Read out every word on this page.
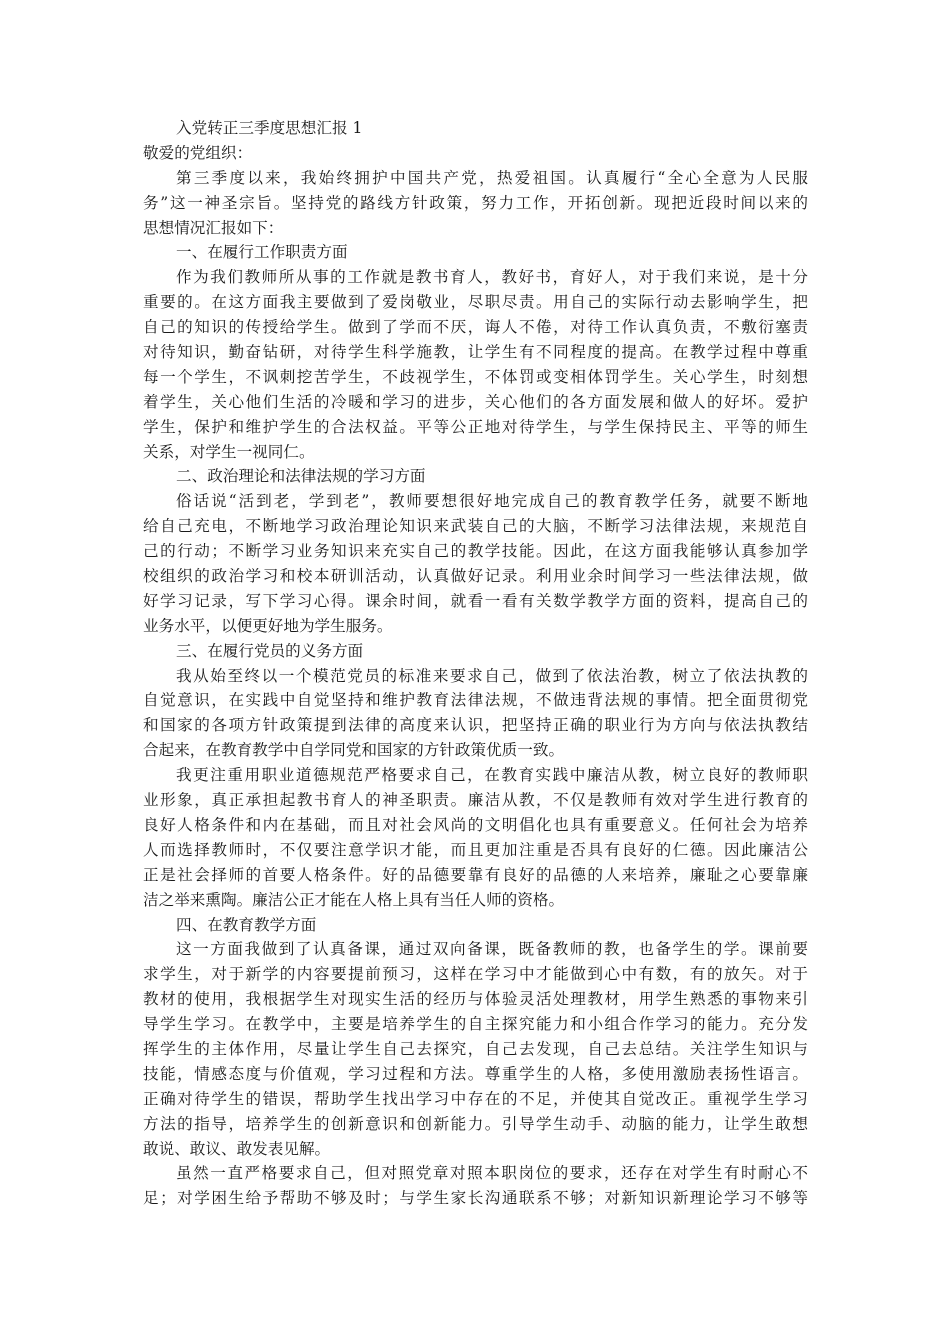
入党转正三季度思想汇报 1
敬爱的党组织：
第三季度以来，我始终拥护中国共产党，热爱祖国。认真履行“全心全意为人民服
务”这一神圣宗旨。坚持党的路线方针政策，努力工作，开拓创新。现把近段时间以来的
思想情况汇报如下：
一、在履行工作职责方面
作为我们教师所从事的工作就是教书育人，教好书，育好人，对于我们来说，是十分
重要的。在这方面我主要做到了爱岗敬业，尽职尽责。用自己的实际行动去影响学生，把
自己的知识的传授给学生。做到了学而不厌，诲人不倦，对待工作认真负责，不敷衍塞责
对待知识，勤奋钻研，对待学生科学施教，让学生有不同程度的提高。在教学过程中尊重
每一个学生，不讽刺挖苦学生，不歧视学生，不体罚或变相体罚学生。关心学生，时刻想
着学生，关心他们生活的冷暖和学习的进步，关心他们的各方面发展和做人的好坏。爱护
学生，保护和维护学生的合法权益。平等公正地对待学生，与学生保持民主、平等的师生
关系，对学生一视同仁。
二、政治理论和法律法规的学习方面
俗话说“活到老，学到老”，教师要想很好地完成自己的教育教学任务，就要不断地
给自己充电，不断地学习政治理论知识来武装自己的大脑，不断学习法律法规，来规范自
己的行动；不断学习业务知识来充实自己的教学技能。因此，在这方面我能够认真参加学
校组织的政治学习和校本研训活动，认真做好记录。利用业余时间学习一些法律法规，做
好学习记录，写下学习心得。课余时间，就看一看有关数学教学方面的资料，提高自己的
业务水平，以便更好地为学生服务。
三、在履行党员的义务方面
我从始至终以一个模范党员的标准来要求自己，做到了依法治教，树立了依法执教的
自觉意识，在实践中自觉坚持和维护教育法律法规，不做违背法规的事情。把全面贯彻党
和国家的各项方针政策提到法律的高度来认识，把坚持正确的职业行为方向与依法执教结
合起来，在教育教学中自学同党和国家的方针政策优质一致。
我更注重用职业道德规范严格要求自己，在教育实践中廉洁从教，树立良好的教师职
业形象，真正承担起教书育人的神圣职责。廉洁从教，不仅是教师有效对学生进行教育的
良好人格条件和内在基础，而且对社会风尚的文明倡化也具有重要意义。任何社会为培养
人而选择教师时，不仅要注意学识才能，而且更加注重是否具有良好的仁德。因此廉洁公
正是社会择师的首要人格条件。好的品德要靠有良好的品德的人来培养，廉耻之心要靠廉
洁之举来熏陶。廉洁公正才能在人格上具有当任人师的资格。
四、在教育教学方面
这一方面我做到了认真备课，通过双向备课，既备教师的教，也备学生的学。课前要
求学生，对于新学的内容要提前预习，这样在学习中才能做到心中有数，有的放矢。对于
教材的使用，我根据学生对现实生活的经历与体验灵活处理教材，用学生熟悉的事物来引
导学生学习。在教学中，主要是培养学生的自主探究能力和小组合作学习的能力。充分发
挥学生的主体作用，尽量让学生自己去探究，自己去发现，自己去总结。关注学生知识与
技能，情感态度与价值观，学习过程和方法。尊重学生的人格，多使用激励表扬性语言。
正确对待学生的错误，帮助学生找出学习中存在的不足，并使其自觉改正。重视学生学习
方法的指导，培养学生的创新意识和创新能力。引导学生动手、动脑的能力，让学生敢想
敢说、敢议、敢发表见解。
虽然一直严格要求自己，但对照党章对照本职岗位的要求，还存在对学生有时耐心不
足；对学困生给予帮助不够及时；与学生家长沟通联系不够；对新知识新理论学习不够等
